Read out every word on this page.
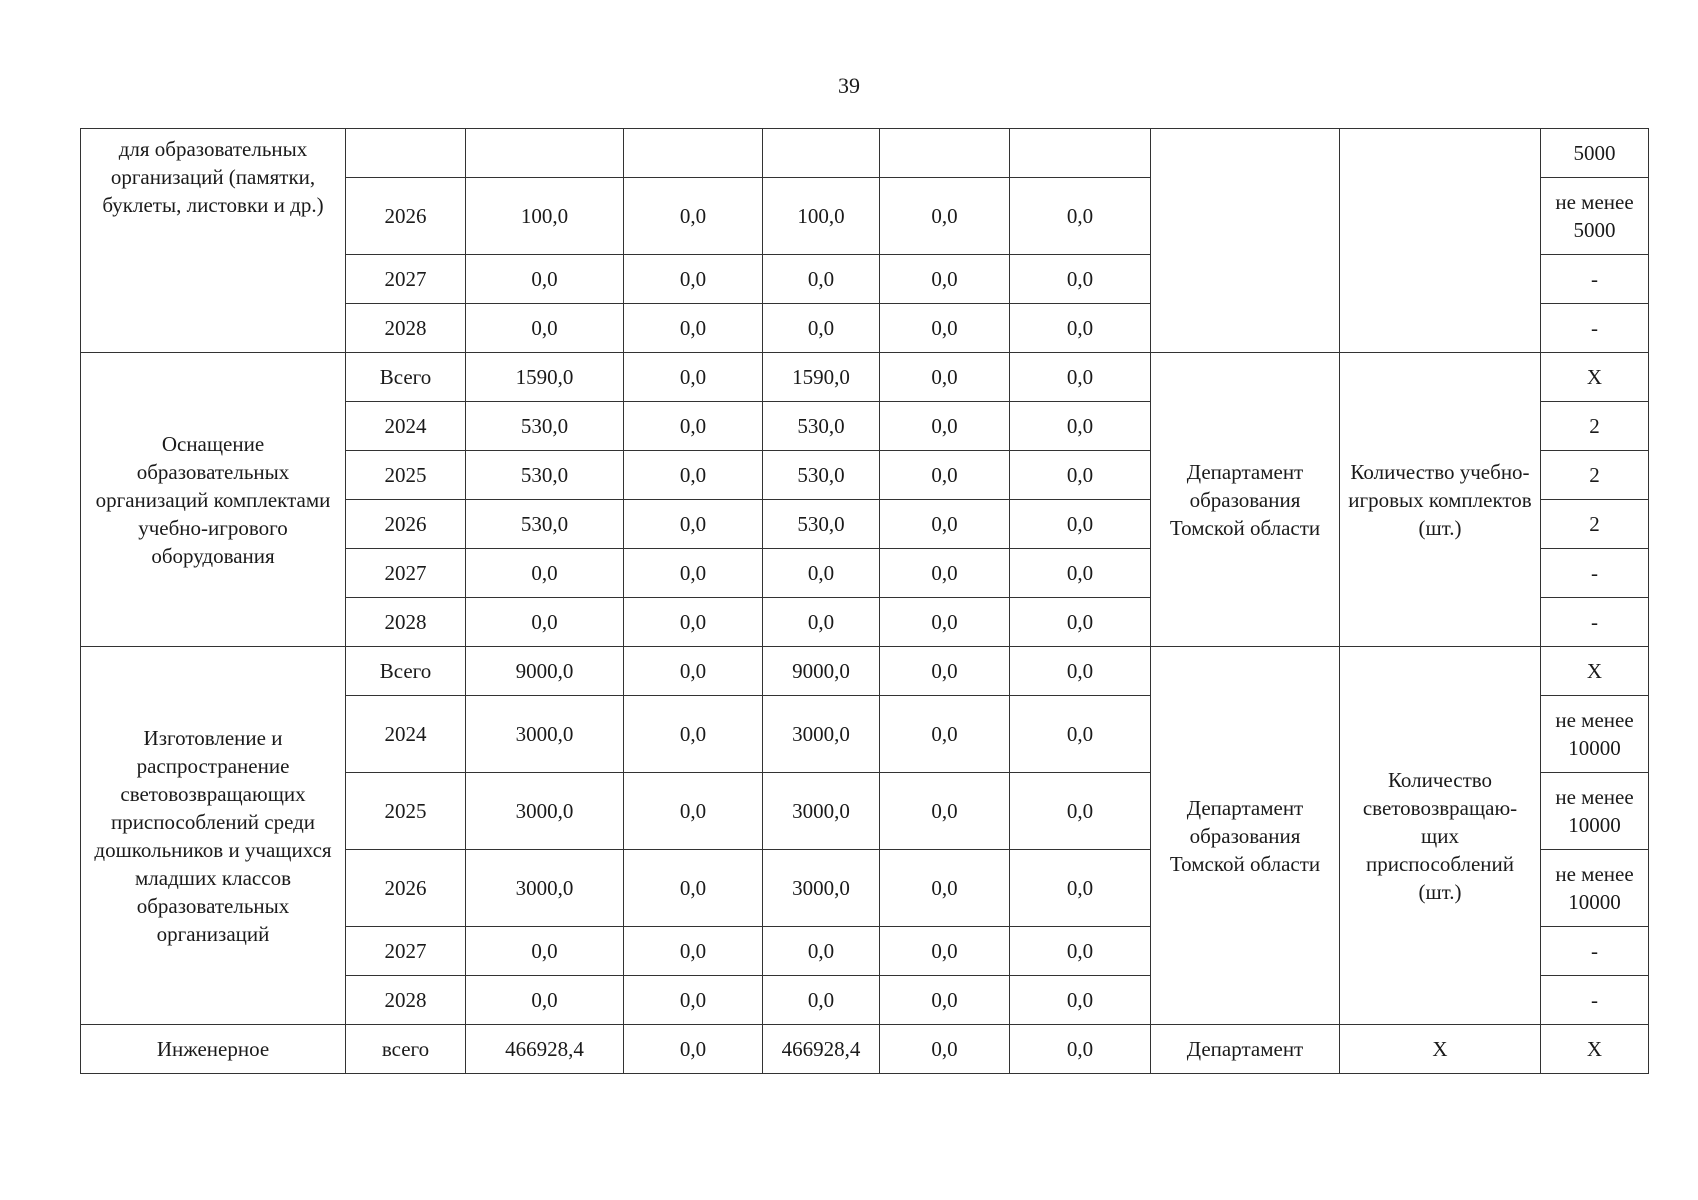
39
для образовательных организаций (памятки, буклеты, листовки и др.)									5000
	2026	100,0	0,0	100,0	0,0	0,0			не менее 5000
	2027	0,0	0,0	0,0	0,0	0,0			-
	2028	0,0	0,0	0,0	0,0	0,0			-
Оснащение образовательных организаций комплектами учебно-игрового оборудования	Всего	1590,0	0,0	1590,0	0,0	0,0	Департамент образования Томской области	Количество учебно-игровых комплектов (шт.)	X
	2024	530,0	0,0	530,0	0,0	0,0			2
	2025	530,0	0,0	530,0	0,0	0,0			2
	2026	530,0	0,0	530,0	0,0	0,0			2
	2027	0,0	0,0	0,0	0,0	0,0			-
	2028	0,0	0,0	0,0	0,0	0,0			-
Изготовление и распространение световозвращающих приспособлений среди дошкольников и учащихся младших классов образовательных организаций	Всего	9000,0	0,0	9000,0	0,0	0,0	Департамент образования Томской области	Количество световозвращаю-щих приспособлений (шт.)	X
	2024	3000,0	0,0	3000,0	0,0	0,0			не менее 10000
	2025	3000,0	0,0	3000,0	0,0	0,0			не менее 10000
	2026	3000,0	0,0	3000,0	0,0	0,0			не менее 10000
	2027	0,0	0,0	0,0	0,0	0,0			-
	2028	0,0	0,0	0,0	0,0	0,0			-
Инженерное	всего	466928,4	0,0	466928,4	0,0	0,0	Департамент	X	X
